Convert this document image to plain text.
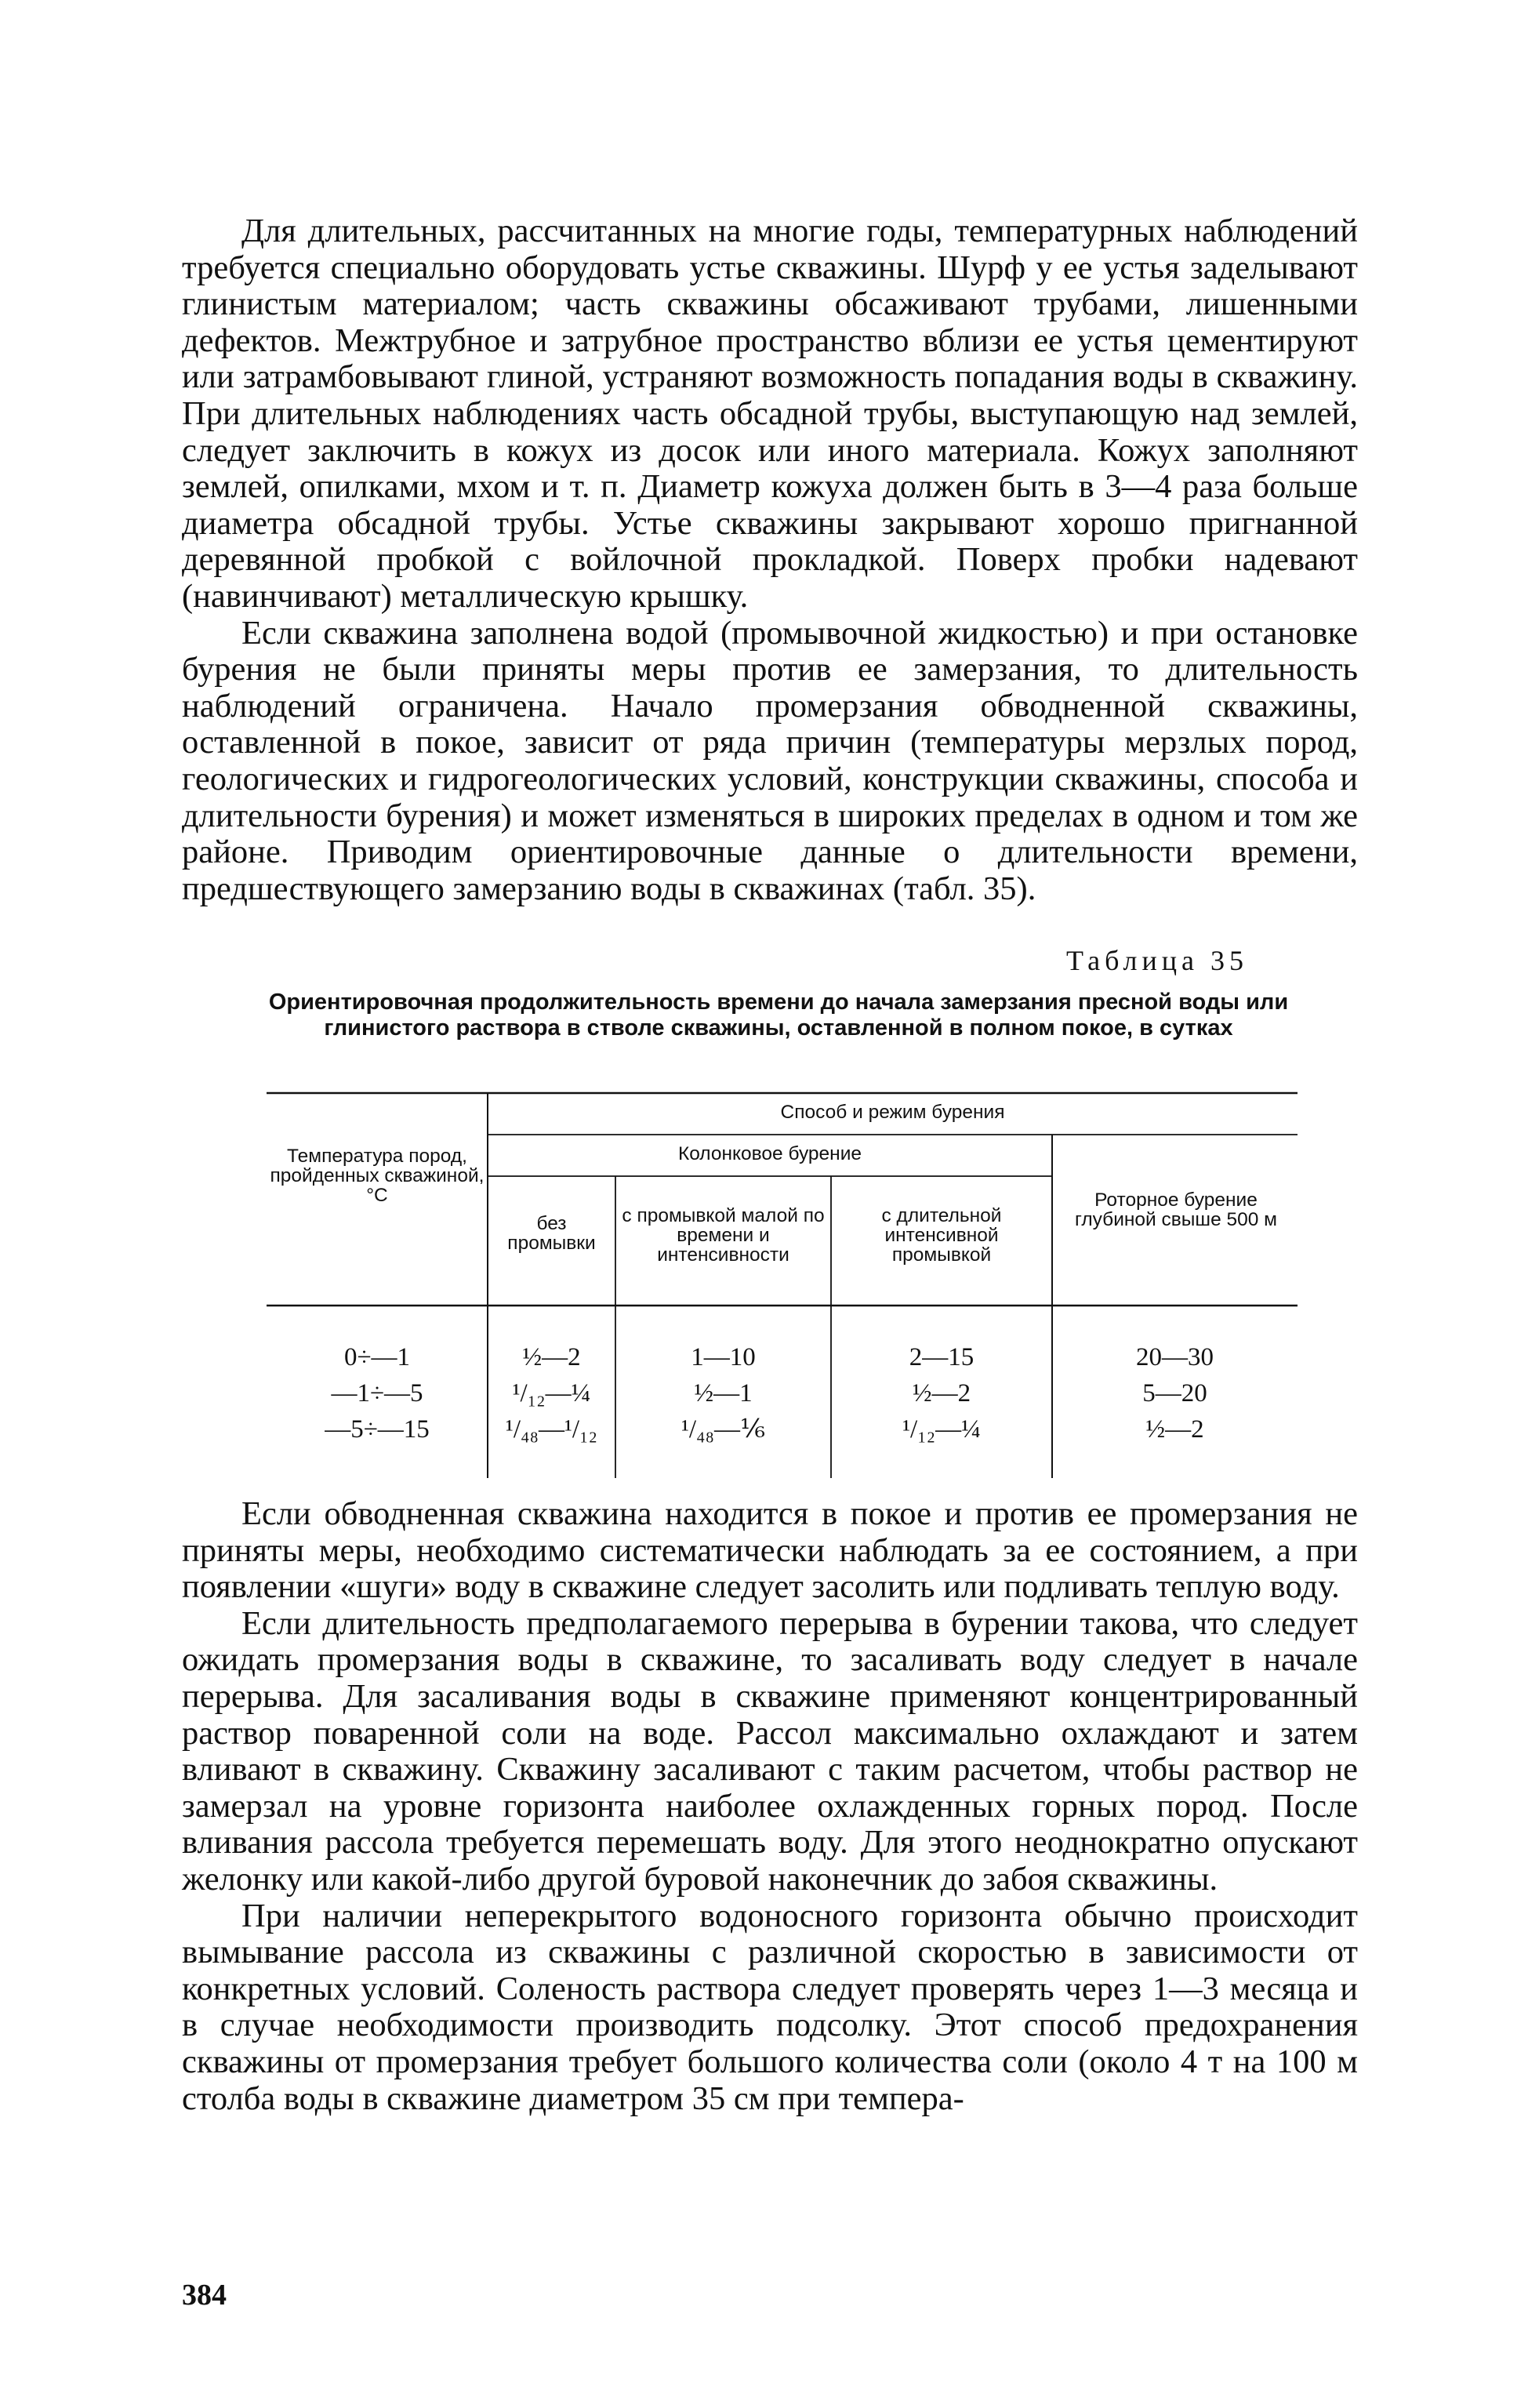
Для длительных, рассчитанных на многие годы, температурных наблюдений требуется специально оборудовать устье скважины. Шурф у ее устья заделывают глинистым материалом; часть скважины обсаживают трубами, лишенными дефектов. Межтрубное и затрубное пространство вблизи ее устья цементируют или затрамбовывают глиной, устраняют возможность попадания воды в скважину. При длительных наблюдениях часть обсадной трубы, выступающую над землей, следует заключить в кожух из досок или иного материала. Кожух заполняют землей, опилками, мхом и т. п. Диаметр кожуха должен быть в 3—4 раза больше диаметра обсадной трубы. Устье скважины закрывают хорошо пригнанной деревянной пробкой с войлочной прокладкой. Поверх пробки надевают (навинчивают) металлическую крышку.

Если скважина заполнена водой (промывочной жидкостью) и при остановке бурения не были приняты меры против ее замерзания, то длительность наблюдений ограничена. Начало промерзания обводненной скважины, оставленной в покое, зависит от ряда причин (температуры мерзлых пород, геологических и гидрогеологических условий, конструкции скважины, способа и длительности бурения) и может изменяться в широких пределах в одном и том же районе. Приводим ориентировочные данные о длительности времени, предшествующего замерзанию воды в скважинах (табл. 35).

Таблица 35
Ориентировочная продолжительность времени до начала замерзания пресной воды или глинистого раствора в стволе скважины, оставленной в полном покое, в сутках
Температура пород, пройденных скважиной, °C
Способ и режим бурения
Колонковое бурение
без промывки
с промывкой малой по времени и интенсивности
с длительной интенсивной промывкой
Роторное бурение глубиной свыше 500 м
0÷—1	½—2	1—10	2—15	20—30
—1÷—5	¹/₁₂—¼	½—1	½—2	5—20
—5÷—15	¹/₄₈—¹/₁₂	¹/₄₈—⅙	¹/₁₂—¼	½—2

Если обводненная скважина находится в покое и против ее промерзания не приняты меры, необходимо систематически наблюдать за ее состоянием, а при появлении «шуги» воду в скважине следует засолить или подливать теплую воду.

Если длительность предполагаемого перерыва в бурении такова, что следует ожидать промерзания воды в скважине, то засаливать воду следует в начале перерыва. Для засаливания воды в скважине применяют концентрированный раствор поваренной соли на воде. Рассол максимально охлаждают и затем вливают в скважину. Скважину засаливают с таким расчетом, чтобы раствор не замерзал на уровне горизонта наиболее охлажденных горных пород. После вливания рассола требуется перемешать воду. Для этого неоднократно опускают желонку или какой-либо другой буровой наконечник до забоя скважины.

При наличии неперекрытого водоносного горизонта обычно происходит вымывание рассола из скважины с различной скоростью в зависимости от конкретных условий. Соленость раствора следует проверять через 1—3 месяца и в случае необходимости производить подсолку. Этот способ предохранения скважины от промерзания требует большого количества соли (около 4 т на 100 м столба воды в скважине диаметром 35 см при темпера-

384
